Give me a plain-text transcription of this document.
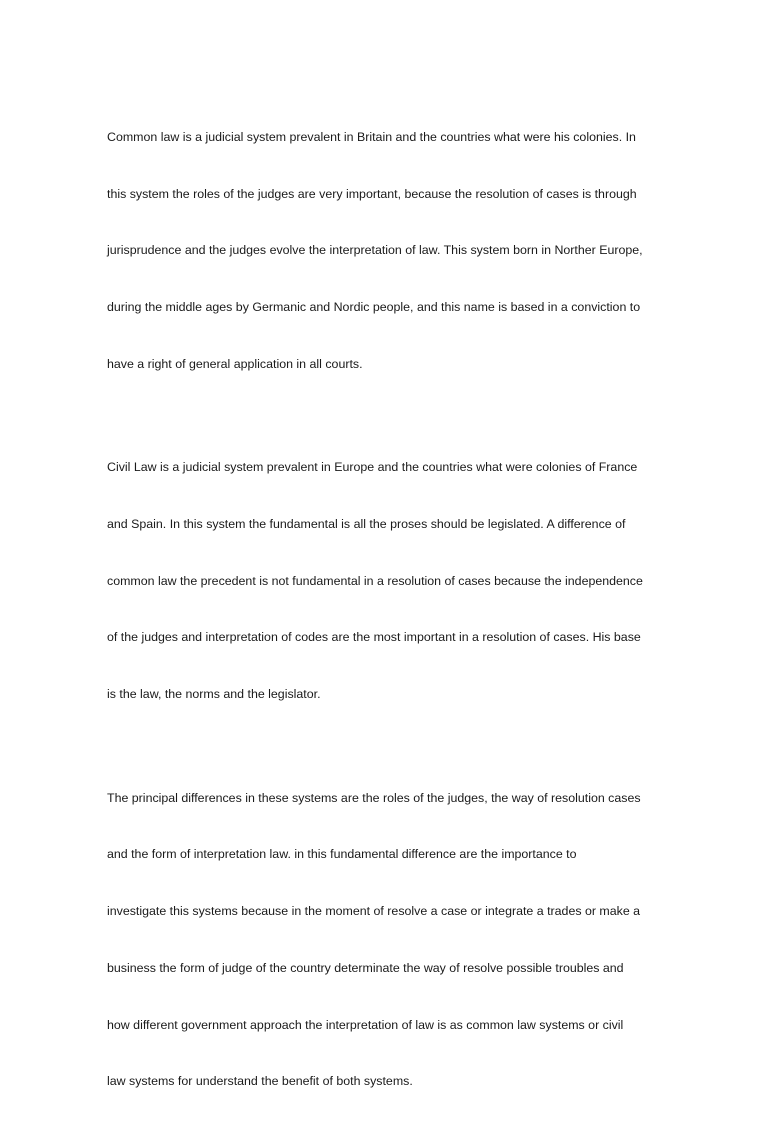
Common law is a judicial system prevalent in Britain and the countries what were his colonies. In

this system the roles of the judges are very important, because the resolution of cases is through

jurisprudence and the judges evolve the interpretation of law. This system born in Norther Europe,

during the middle ages by Germanic and Nordic people, and this name is based in a conviction to

have a right of general application in all courts.

Civil Law is a judicial system prevalent in Europe and the countries what were colonies of France

and Spain. In this system the fundamental is all the proses should be legislated. A difference of

common law the precedent is not fundamental in a resolution of cases because the independence

of the judges and interpretation of codes are the most important in a resolution of cases. His base

is the law, the norms and the legislator.

The principal differences in these systems are the roles of the judges, the way of resolution cases

and the form of interpretation law. in this fundamental difference are the importance to

investigate this systems because in the moment of resolve a case or integrate a trades or make a

business the form of judge of the country determinate the way of resolve possible troubles and

how different government approach the interpretation of law is as common law systems or civil

law systems for understand the benefit of both systems.
